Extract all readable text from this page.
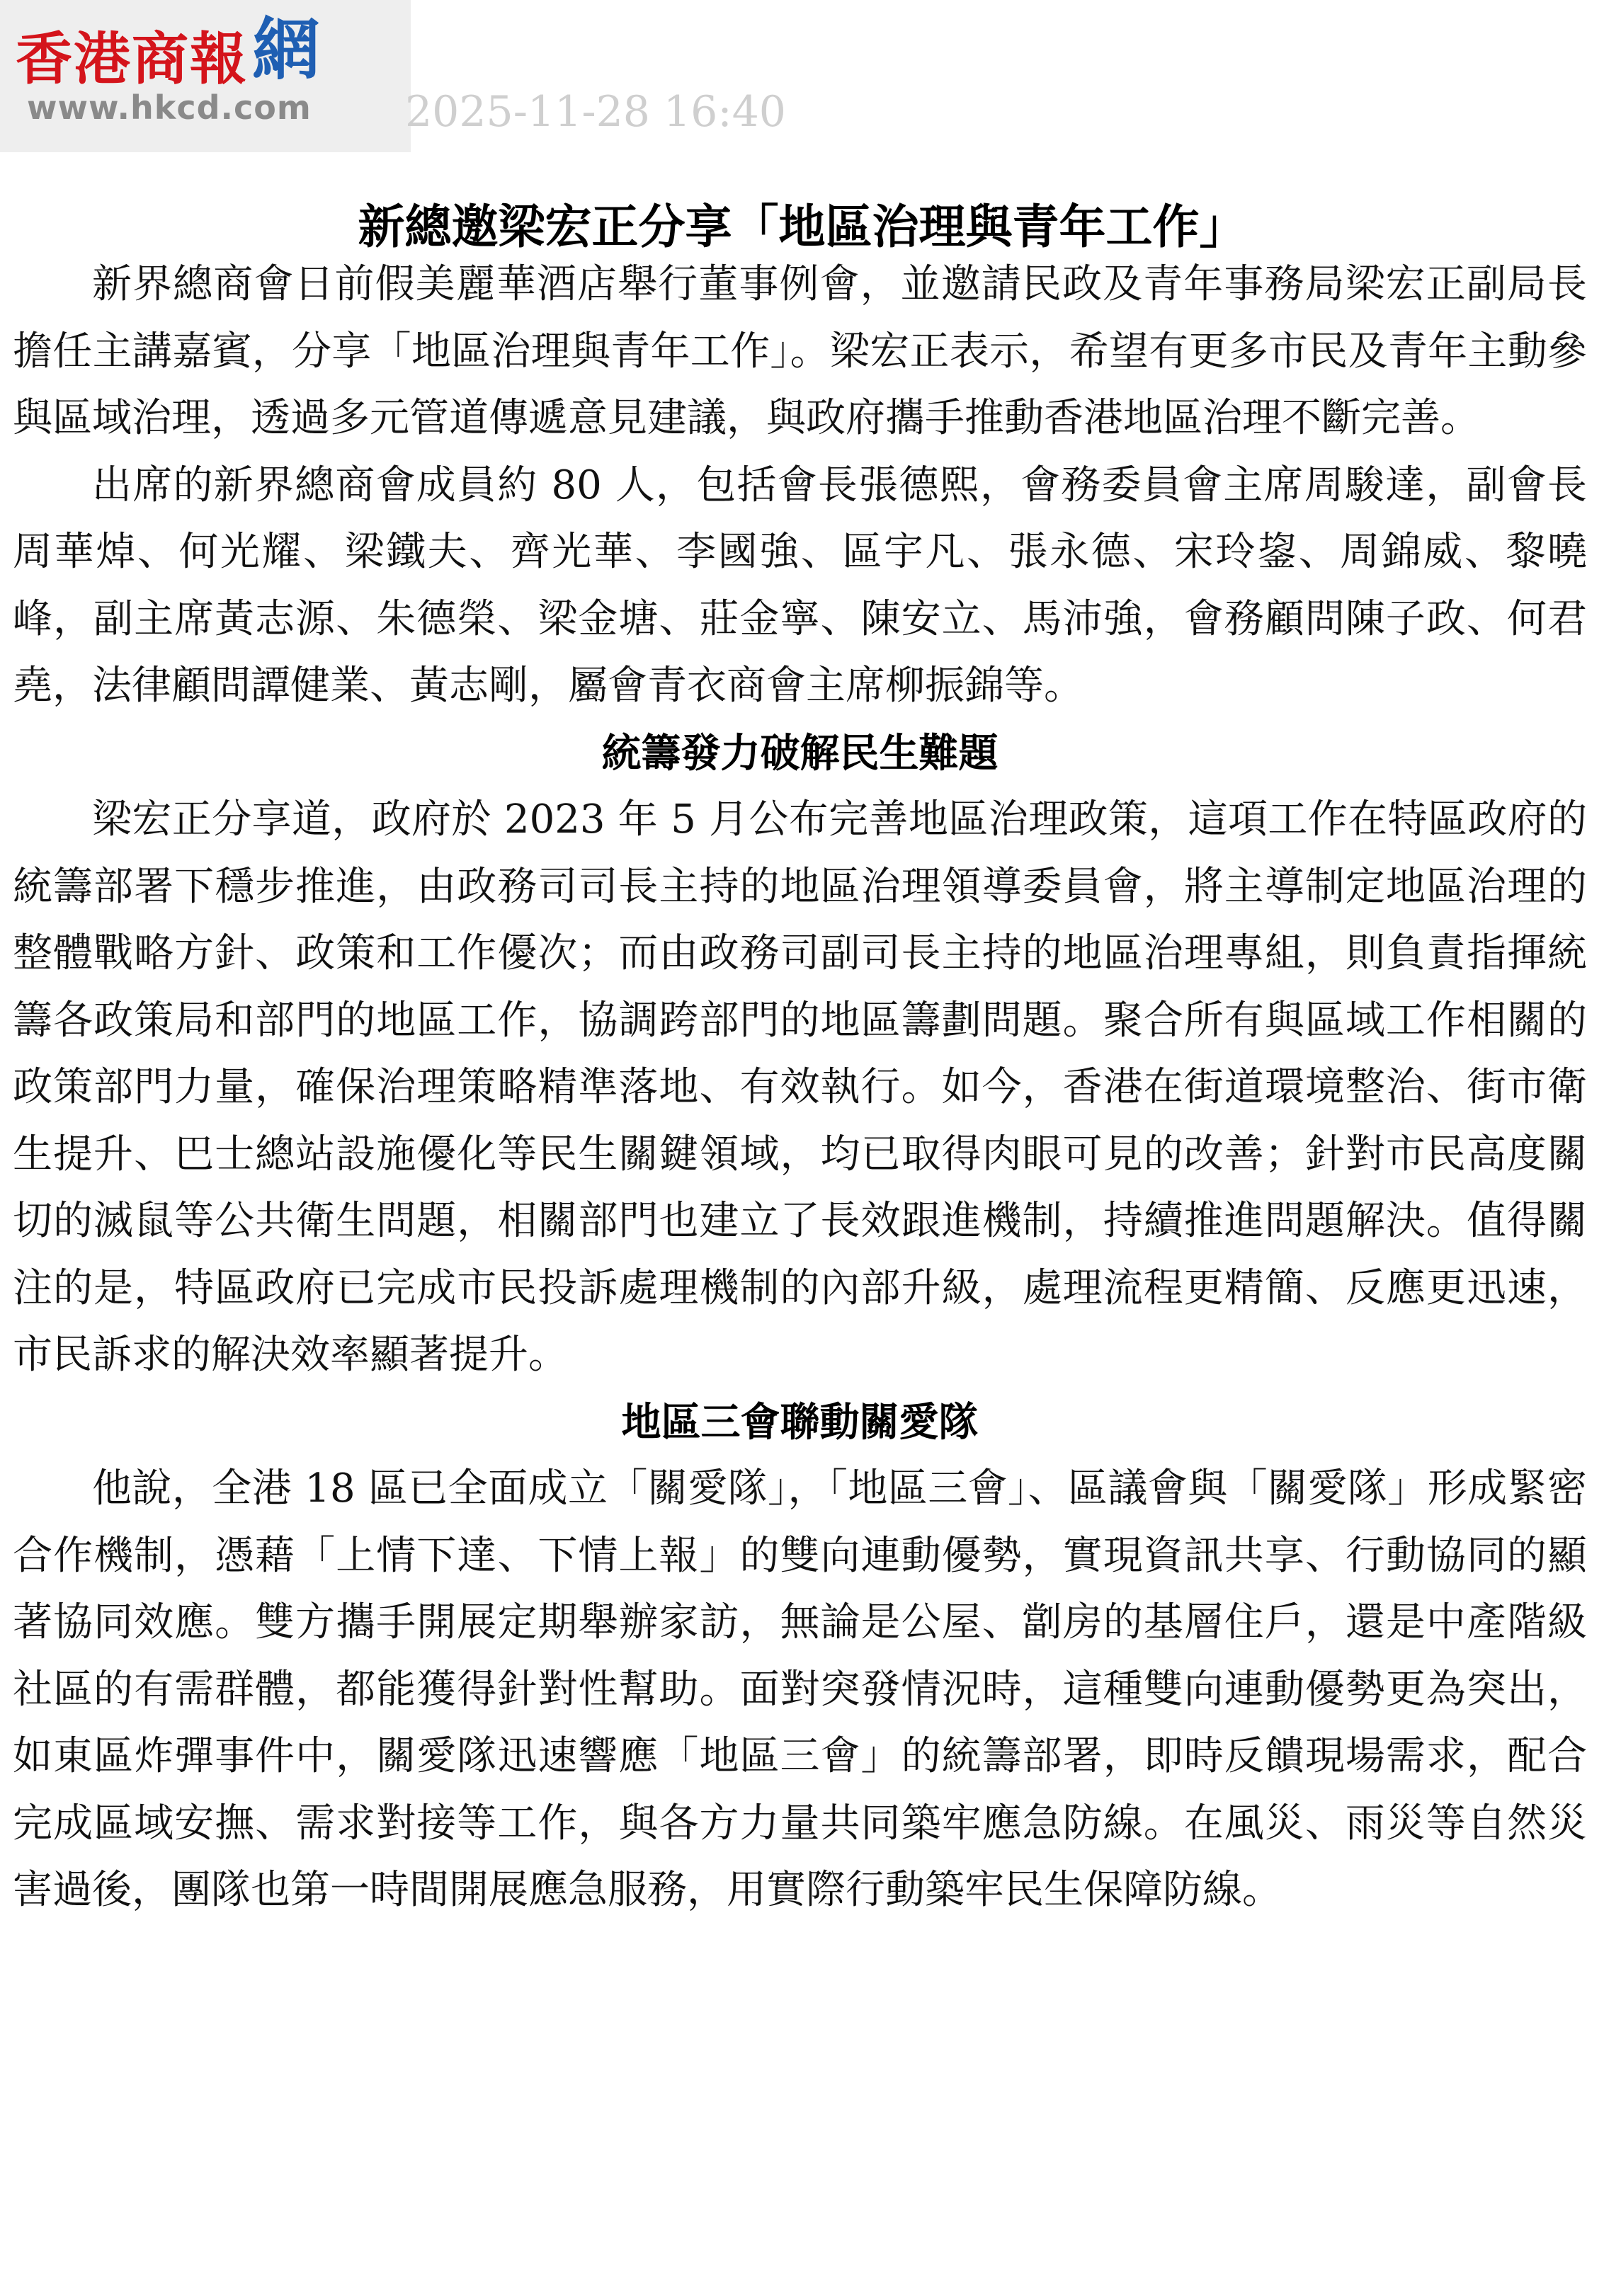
香港商報網
www.hkcd.com 2025-11-28 16:40
新總邀梁宏正分享「地區治理與青年工作」

新界總商會日前假美麗華酒店舉行董事例會，並邀請民政及青年事務局梁宏正副局長擔任主講嘉賓，分享「地區治理與青年工作」。梁宏正表示，希望有更多市民及青年主動參與區域治理，透過多元管道傳遞意見建議，與政府攜手推動香港地區治理不斷完善。

出席的新界總商會成員約 80 人，包括會長張德熙，會務委員會主席周駿達，副會長周華焯、何光耀、梁鐵夫、齊光華、李國強、區宇凡、張永德、宋玲鋆、周錦威、黎曉峰，副主席黃志源、朱德榮、梁金塘、莊金寧、陳安立、馬沛強，會務顧問陳子政、何君堯，法律顧問譚健業、黃志剛，屬會青衣商會主席柳振錦等。

統籌發力破解民生難題

梁宏正分享道，政府於 2023 年 5 月公布完善地區治理政策，這項工作在特區政府的統籌部署下穩步推進，由政務司司長主持的地區治理領導委員會，將主導制定地區治理的整體戰略方針、政策和工作優次；而由政務司副司長主持的地區治理專組，則負責指揮統籌各政策局和部門的地區工作，協調跨部門的地區籌劃問題。聚合所有與區域工作相關的政策部門力量，確保治理策略精準落地、有效執行。如今，香港在街道環境整治、街市衛生提升、巴士總站設施優化等民生關鍵領域，均已取得肉眼可見的改善；針對市民高度關切的滅鼠等公共衛生問題，相關部門也建立了長效跟進機制，持續推進問題解決。值得關注的是，特區政府已完成市民投訴處理機制的內部升級，處理流程更精簡、反應更迅速，市民訴求的解決效率顯著提升。

地區三會聯動關愛隊

他說，全港 18 區已全面成立「關愛隊」，「地區三會」、區議會與「關愛隊」形成緊密合作機制，憑藉「上情下達、下情上報」的雙向連動優勢，實現資訊共享、行動協同的顯著協同效應。雙方攜手開展定期舉辦家訪，無論是公屋、劏房的基層住戶，還是中產階級社區的有需群體，都能獲得針對性幫助。面對突發情況時，這種雙向連動優勢更為突出，如東區炸彈事件中，關愛隊迅速響應「地區三會」的統籌部署，即時反饋現場需求，配合完成區域安撫、需求對接等工作，與各方力量共同築牢應急防線。在風災、雨災等自然災害過後，團隊也第一時間開展應急服務，用實際行動築牢民生保障防線。
